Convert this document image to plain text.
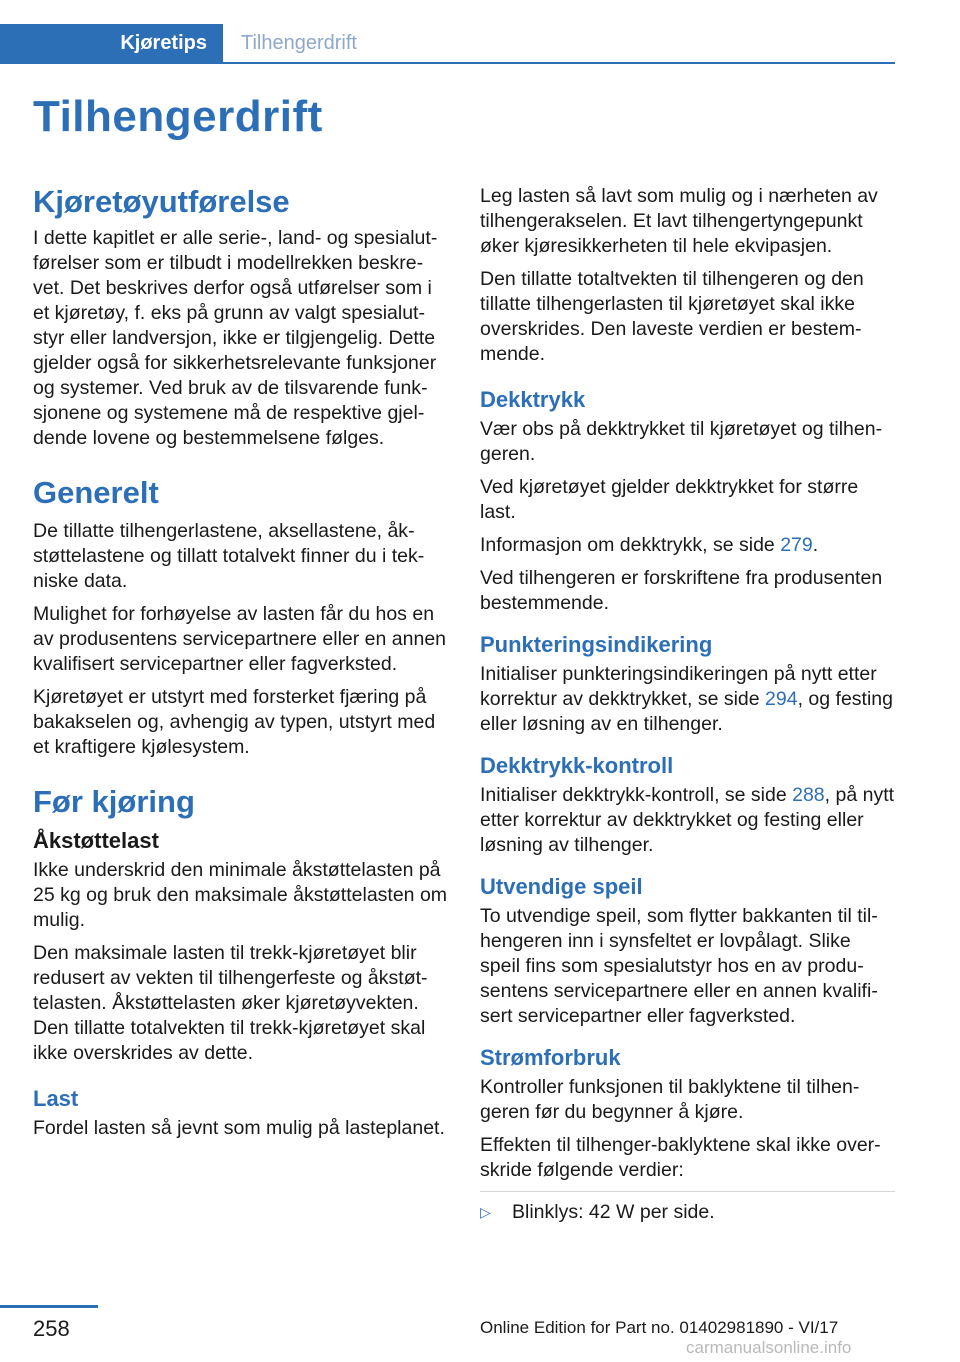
Kjøretips	Tilhengerdrift
Tilhengerdrift
Kjøretøyutførelse

I dette kapitlet er alle serie-, land- og spesialutførelser som er tilbudt i modellrekken beskrevet. Det beskrives derfor også utførelser som i et kjøretøy, f. eks på grunn av valgt spesialutstyr eller landversjon, ikke er tilgjengelig. Dette gjelder også for sikkerhetsrelevante funksjoner og systemer. Ved bruk av de tilsvarende funksjonene og systemene må de respektive gjeldende lovene og bestemmelsene følges.

Generelt

De tillatte tilhengerlastene, aksellastene, åkstøttelastene og tillatt totalvekt finner du i tekniske data.

Mulighet for forhøyelse av lasten får du hos en av produsentens servicepartnere eller en annen kvalifisert servicepartner eller fagverksted.

Kjøretøyet er utstyrt med forsterket fjæring på bakakselen og, avhengig av typen, utstyrt med et kraftigere kjølesystem.

Før kjøring
Åkstøttelast

Ikke underskrid den minimale åkstøttelasten på 25 kg og bruk den maksimale åkstøttelasten om mulig.

Den maksimale lasten til trekk-kjøretøyet blir redusert av vekten til tilhengerfeste og åkstøttelasten. Åkstøttelasten øker kjøretøyvekten. Den tillatte totalvekten til trekk-kjøretøyet skal ikke overskrides av dette.

Last

Fordel lasten så jevnt som mulig på lasteplanet.

Leg lasten så lavt som mulig og i nærheten av tilhengerakselen. Et lavt tilhengertyngepunkt øker kjøresikkerheten til hele ekvipasjen.

Den tillatte totaltvekten til tilhengeren og den tillatte tilhengerlasten til kjøretøyet skal ikke overskrides. Den laveste verdien er bestemmende.

Dekktrykk

Vær obs på dekktrykket til kjøretøyet og tilhengeren.

Ved kjøretøyet gjelder dekktrykket for større last.

Informasjon om dekktrykk, se side 279.

Ved tilhengeren er forskriftene fra produsenten bestemmende.

Punkteringsindikering

Initialiser punkteringsindikeringen på nytt etter korrektur av dekktrykket, se side 294, og festing eller løsning av en tilhenger.

Dekktrykk-kontroll

Initialiser dekktrykk-kontroll, se side 288, på nytt etter korrektur av dekktrykket og festing eller løsning av tilhenger.

Utvendige speil

To utvendige speil, som flytter bakkanten til tilhengeren inn i synsfeltet er lovpålagt. Slike speil fins som spesialutstyr hos en av produsentens servicepartnere eller en annen kvalifisert servicepartner eller fagverksted.

Strømforbruk

Kontroller funksjonen til baklyktene til tilhengeren før du begynner å kjøre.

Effekten til tilhenger-baklyktene skal ikke overskride følgende verdier:

▷	Blinklys: 42 W per side.
258	Online Edition for Part no. 01402981890 - VI/17
carmanualsonline.info
